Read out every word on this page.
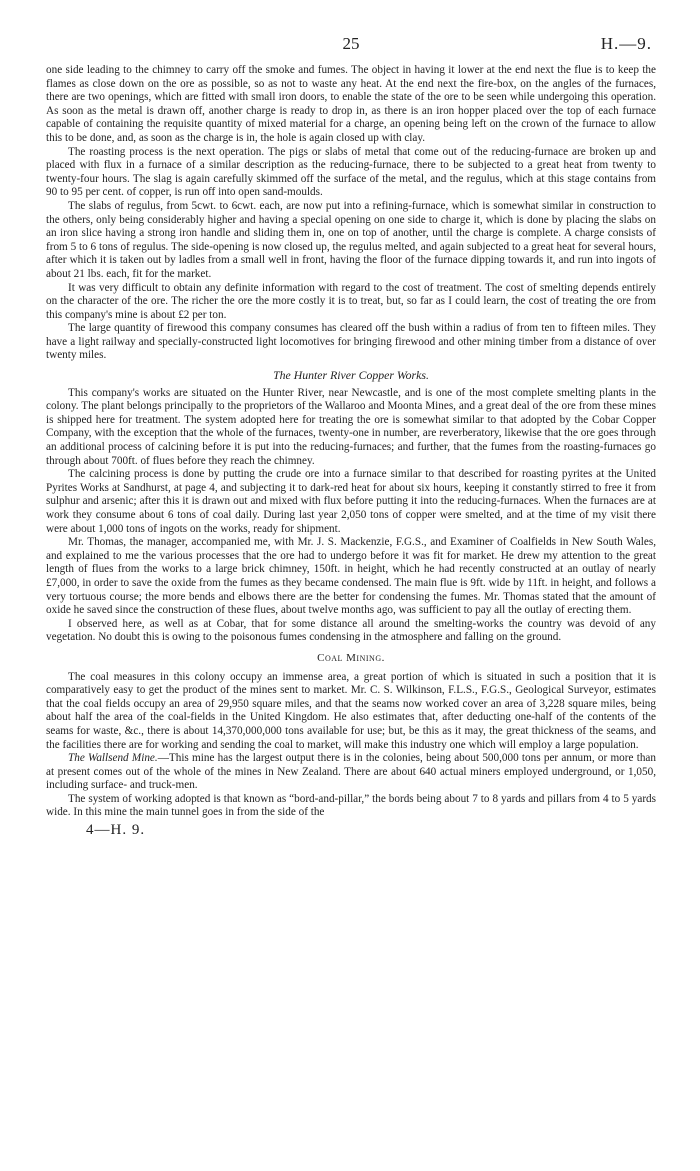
25	H.—9.

one side leading to the chimney to carry off the smoke and fumes. The object in having it lower at the end next the flue is to keep the flames as close down on the ore as possible, so as not to waste any heat. At the end next the fire-box, on the angles of the furnaces, there are two openings, which are fitted with small iron doors, to enable the state of the ore to be seen while undergoing this operation. As soon as the metal is drawn off, another charge is ready to drop in, as there is an iron hopper placed over the top of each furnace capable of containing the requisite quantity of mixed material for a charge, an opening being left on the crown of the furnace to allow this to be done, and, as soon as the charge is in, the hole is again closed up with clay.

The roasting process is the next operation. The pigs or slabs of metal that come out of the reducing-furnace are broken up and placed with flux in a furnace of a similar description as the reducing-furnace, there to be subjected to a great heat from twenty to twenty-four hours. The slag is again carefully skimmed off the surface of the metal, and the regulus, which at this stage contains from 90 to 95 per cent. of copper, is run off into open sand-moulds.

The slabs of regulus, from 5cwt. to 6cwt. each, are now put into a refining-furnace, which is somewhat similar in construction to the others, only being considerably higher and having a special opening on one side to charge it, which is done by placing the slabs on an iron slice having a strong iron handle and sliding them in, one on top of another, until the charge is complete. A charge consists of from 5 to 6 tons of regulus. The side-opening is now closed up, the regulus melted, and again subjected to a great heat for several hours, after which it is taken out by ladles from a small well in front, having the floor of the furnace dipping towards it, and run into ingots of about 21 lbs. each, fit for the market.

It was very difficult to obtain any definite information with regard to the cost of treatment. The cost of smelting depends entirely on the character of the ore. The richer the ore the more costly it is to treat, but, so far as I could learn, the cost of treating the ore from this company's mine is about £2 per ton.

The large quantity of firewood this company consumes has cleared off the bush within a radius of from ten to fifteen miles. They have a light railway and specially-constructed light locomotives for bringing firewood and other mining timber from a distance of over twenty miles.

The Hunter River Copper Works.

This company's works are situated on the Hunter River, near Newcastle, and is one of the most complete smelting plants in the colony. The plant belongs principally to the proprietors of the Wallaroo and Moonta Mines, and a great deal of the ore from these mines is shipped here for treatment. The system adopted here for treating the ore is somewhat similar to that adopted by the Cobar Copper Company, with the exception that the whole of the furnaces, twenty-one in number, are reverberatory, likewise that the ore goes through an additional process of calcining before it is put into the reducing-furnaces; and further, that the fumes from the roasting-furnaces go through about 700ft. of flues before they reach the chimney.

The calcining process is done by putting the crude ore into a furnace similar to that described for roasting pyrites at the United Pyrites Works at Sandhurst, at page 4, and subjecting it to dark-red heat for about six hours, keeping it constantly stirred to free it from sulphur and arsenic; after this it is drawn out and mixed with flux before putting it into the reducing-furnaces. When the furnaces are at work they consume about 6 tons of coal daily. During last year 2,050 tons of copper were smelted, and at the time of my visit there were about 1,000 tons of ingots on the works, ready for shipment.

Mr. Thomas, the manager, accompanied me, with Mr. J. S. Mackenzie, F.G.S., and Examiner of Coalfields in New South Wales, and explained to me the various processes that the ore had to undergo before it was fit for market. He drew my attention to the great length of flues from the works to a large brick chimney, 150ft. in height, which he had recently constructed at an outlay of nearly £7,000, in order to save the oxide from the fumes as they became condensed. The main flue is 9ft. wide by 11ft. in height, and follows a very tortuous course; the more bends and elbows there are the better for condensing the fumes. Mr. Thomas stated that the amount of oxide he saved since the construction of these flues, about twelve months ago, was sufficient to pay all the outlay of erecting them.

I observed here, as well as at Cobar, that for some distance all around the smelting-works the country was devoid of any vegetation. No doubt this is owing to the poisonous fumes condensing in the atmosphere and falling on the ground.

Coal Mining.

The coal measures in this colony occupy an immense area, a great portion of which is situated in such a position that it is comparatively easy to get the product of the mines sent to market. Mr. C. S. Wilkinson, F.L.S., F.G.S., Geological Surveyor, estimates that the coal fields occupy an area of 29,950 square miles, and that the seams now worked cover an area of 3,228 square miles, being about half the area of the coal-fields in the United Kingdom. He also estimates that, after deducting one-half of the contents of the seams for waste, &c., there is about 14,370,000,000 tons available for use; but, be this as it may, the great thickness of the seams, and the facilities there are for working and sending the coal to market, will make this industry one which will employ a large population.

The Wallsend Mine.—This mine has the largest output there is in the colonies, being about 500,000 tons per annum, or more than at present comes out of the whole of the mines in New Zealand. There are about 640 actual miners employed underground, or 1,050, including surface- and truck-men.

The system of working adopted is that known as “bord-and-pillar,” the bords being about 7 to 8 yards and pillars from 4 to 5 yards wide. In this mine the main tunnel goes in from the side of the

4—H. 9.
